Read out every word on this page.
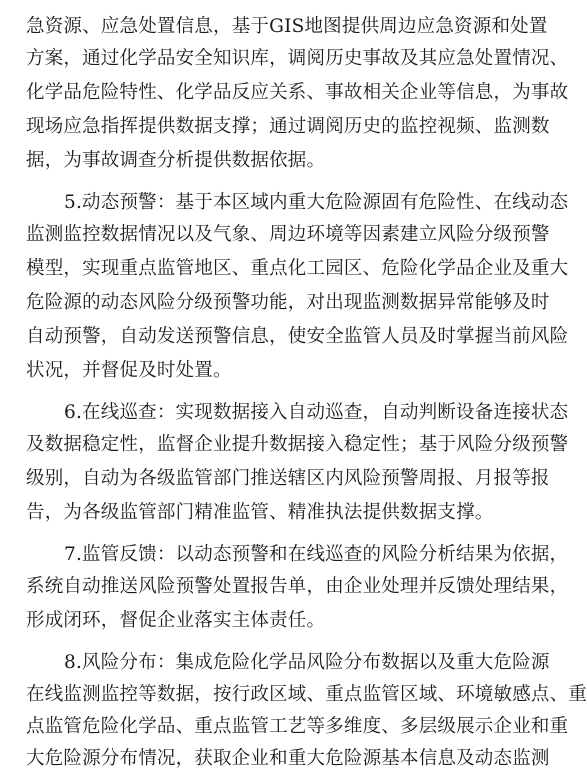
急资源、应急处置信息，基于GIS地图提供周边应急资源和处置
方案，通过化学品安全知识库，调阅历史事故及其应急处置情况、
化学品危险特性、化学品反应关系、事故相关企业等信息，为事故
现场应急指挥提供数据支撑；通过调阅历史的监控视频、监测数
据，为事故调查分析提供数据依据。
5.动态预警：基于本区域内重大危险源固有危险性、在线动态
监测监控数据情况以及气象、周边环境等因素建立风险分级预警
模型，实现重点监管地区、重点化工园区、危险化学品企业及重大
危险源的动态风险分级预警功能，对出现监测数据异常能够及时
自动预警，自动发送预警信息，使安全监管人员及时掌握当前风险
状况，并督促及时处置。
6.在线巡查：实现数据接入自动巡查，自动判断设备连接状态
及数据稳定性，监督企业提升数据接入稳定性；基于风险分级预警
级别，自动为各级监管部门推送辖区内风险预警周报、月报等报
告，为各级监管部门精准监管、精准执法提供数据支撑。
7.监管反馈：以动态预警和在线巡查的风险分析结果为依据，
系统自动推送风险预警处置报告单，由企业处理并反馈处理结果，
形成闭环，督促企业落实主体责任。
8.风险分布：集成危险化学品风险分布数据以及重大危险源
在线监测监控等数据，按行政区域、重点监管区域、环境敏感点、重
点监管危险化学品、重点监管工艺等多维度、多层级展示企业和重
大危险源分布情况，获取企业和重大危险源基本信息及动态监测
